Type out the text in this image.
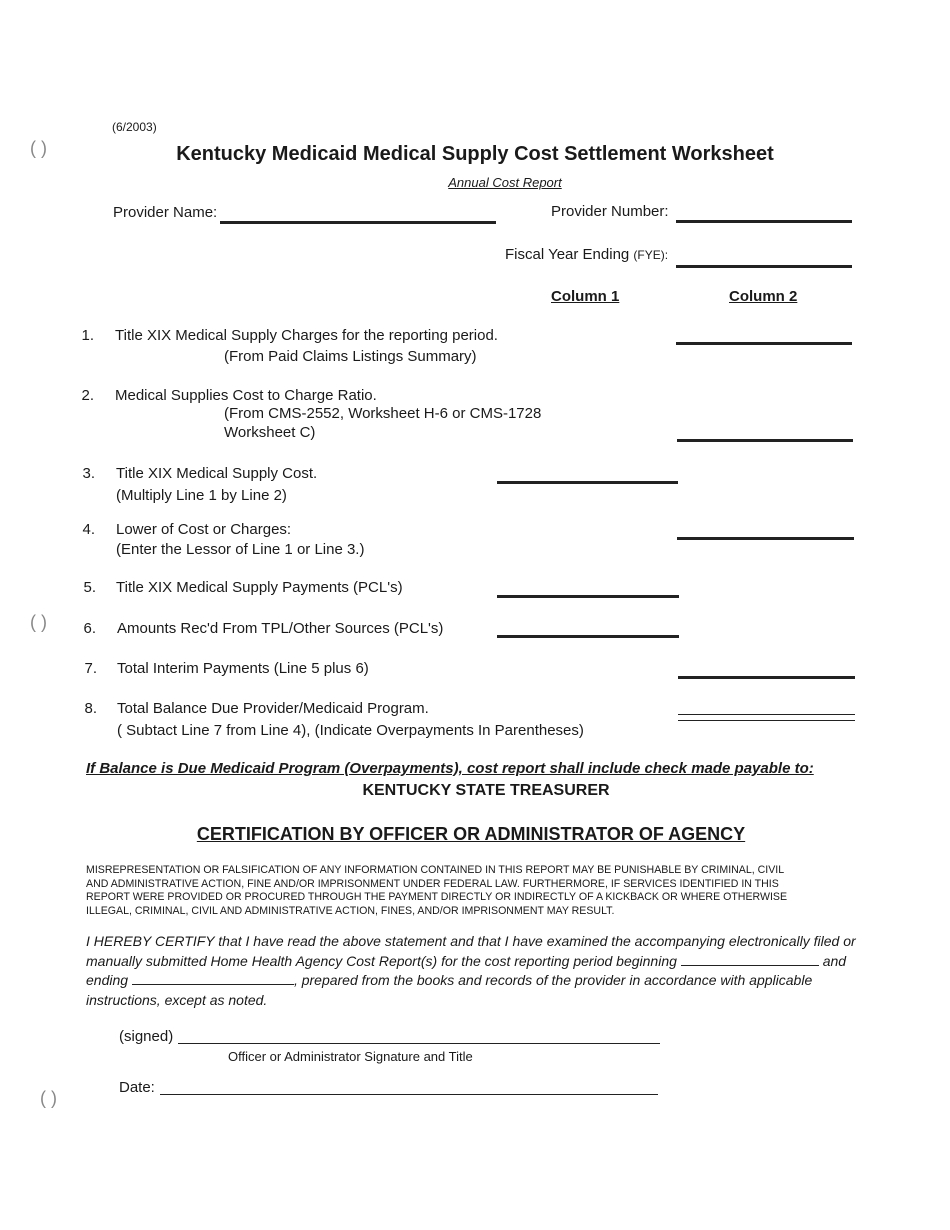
(6/2003)
Kentucky Medicaid Medical Supply Cost Settlement Worksheet
Annual Cost Report
Provider Name:	Provider Number:
Fiscal Year Ending (FYE):
Column 1	Column 2
1. Title XIX Medical Supply Charges for the reporting period.
(From Paid Claims Listings Summary)
2. Medical Supplies Cost to Charge Ratio.
(From CMS-2552, Worksheet H-6 or CMS-1728
Worksheet C)
3. Title XIX Medical Supply Cost.
(Multiply Line 1 by Line 2)
4. Lower of Cost or Charges:
(Enter the Lessor of Line 1 or Line 3.)
5. Title XIX Medical Supply Payments (PCL's)
6. Amounts Rec'd From TPL/Other Sources (PCL's)
7. Total Interim Payments (Line 5 plus 6)
8. Total Balance Due Provider/Medicaid Program.
( Subtact Line 7 from Line 4), (Indicate Overpayments In Parentheses)
If Balance is Due Medicaid Program (Overpayments), cost report shall include check made payable to:
KENTUCKY STATE TREASURER
CERTIFICATION BY OFFICER OR ADMINISTRATOR OF AGENCY
MISREPRESENTATION OR FALSIFICATION OF ANY INFORMATION CONTAINED IN THIS REPORT MAY BE PUNISHABLE BY CRIMINAL, CIVIL AND ADMINISTRATIVE ACTION, FINE AND/OR IMPRISONMENT UNDER FEDERAL LAW. FURTHERMORE, IF SERVICES IDENTIFIED IN THIS REPORT WERE PROVIDED OR PROCURED THROUGH THE PAYMENT DIRECTLY OR INDIRECTLY OF A KICKBACK OR WHERE OTHERWISE ILLEGAL, CRIMINAL, CIVIL AND ADMINISTRATIVE ACTION, FINES, AND/OR IMPRISONMENT MAY RESULT.
I HEREBY CERTIFY that I have read the above statement and that I have examined the accompanying electronically filed or manually submitted Home Health Agency Cost Report(s) for the cost reporting period beginning	and ending	, prepared from the books and records of the provider in accordance with applicable instructions, except as noted.
(signed)
Officer or Administrator Signature and Title
Date:
( )
( )
( )
